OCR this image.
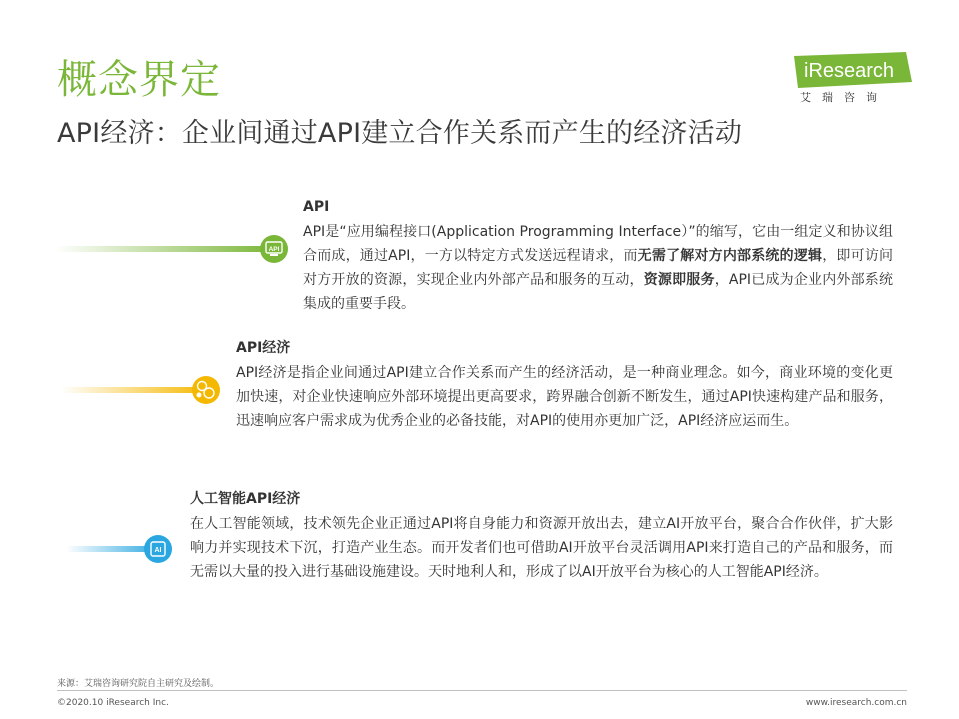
概念界定
API经济：企业间通过API建立合作关系而产生的经济活动
iResearch
艾瑞咨询
API
AI
API

API是“应用编程接口(Application Programming Interface）”的缩写，它由一组定义和协议组合而成，通过API，一方以特定方式发送远程请求，而无需了解对方内部系统的逻辑，即可访问对方开放的资源，实现企业内外部产品和服务的互动，资源即服务，API已成为企业内外部系统集成的重要手段。

API经济

API经济是指企业间通过API建立合作关系而产生的经济活动，是一种商业理念。如今，商业环境的变化更加快速，对企业快速响应外部环境提出更高要求，跨界融合创新不断发生，通过API快速构建产品和服务，迅速响应客户需求成为优秀企业的必备技能，对API的使用亦更加广泛，API经济应运而生。

人工智能API经济

在人工智能领域，技术领先企业正通过API将自身能力和资源开放出去，建立AI开放平台，聚合合作伙伴，扩大影响力并实现技术下沉，打造产业生态。而开发者们也可借助AI开放平台灵活调用API来打造自己的产品和服务，而无需以大量的投入进行基础设施建设。天时地利人和，形成了以AI开放平台为核心的人工智能API经济。

来源：艾瑞咨询研究院自主研究及绘制。
©2020.10 iResearch Inc.	www.iresearch.com.cn
